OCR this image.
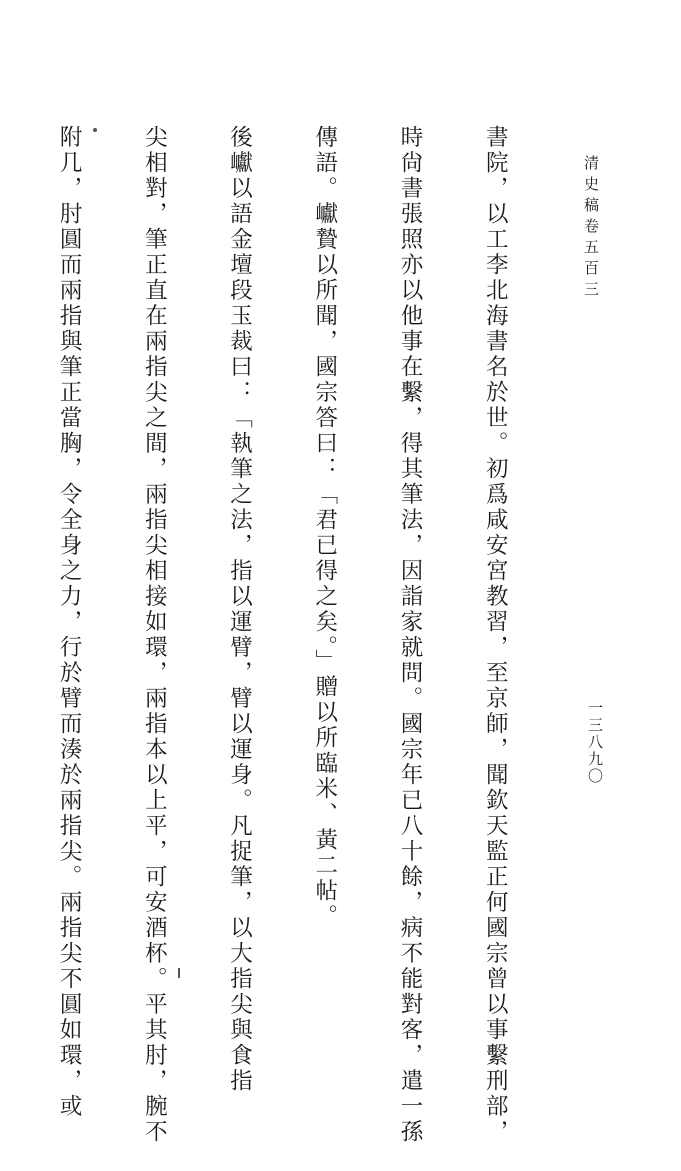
清史稿卷五百三
一三八九〇

書院，以工李北海書名於世。初爲咸安宮教習，至京師，聞欽天監正何國宗曾以事繫刑部，

時尙書張照亦以他事在繫，得其筆法，因詣家就問。國宗年已八十餘，病不能對客，遣一孫

傳語。巘贄以所聞，國宗答曰：「君已得之矣。」贈以所臨米、黃二帖。

後巘以語金壇段玉裁曰：「執筆之法，指以運臂，臂以運身。凡捉筆，以大指尖與食指

尖相對，筆正直在兩指尖之間，兩指尖相接如環，兩指本以上平，可安酒杯。平其肘，腕不

附几，肘圓而兩指與筆正當胸，令全身之力，行於臂而湊於兩指尖。兩指尖不圓如環，或
